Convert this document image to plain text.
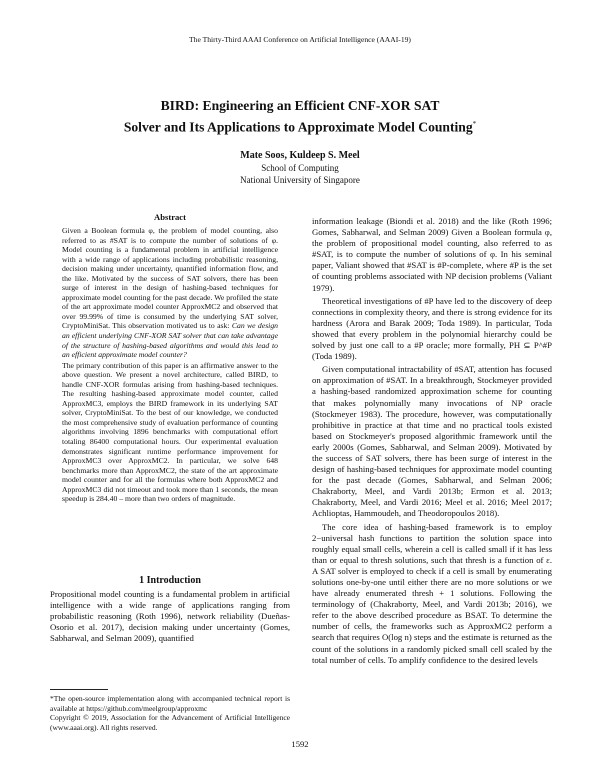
The Thirty-Third AAAI Conference on Artificial Intelligence (AAAI-19)
BIRD: Engineering an Efficient CNF-XOR SAT
Solver and Its Applications to Approximate Model Counting*
Mate Soos, Kuldeep S. Meel
School of Computing
National University of Singapore
Abstract

Given a Boolean formula φ, the problem of model counting, also referred to as #SAT is to compute the number of solutions of φ. Model counting is a fundamental problem in artificial intelligence with a wide range of applications including probabilistic reasoning, decision making under uncertainty, quantified information flow, and the like. Motivated by the success of SAT solvers, there has been surge of interest in the design of hashing-based techniques for approximate model counting for the past decade. We profiled the state of the art approximate model counter ApproxMC2 and observed that over 99.99% of time is consumed by the underlying SAT solver, CryptoMiniSat. This observation motivated us to ask: Can we design an efficient underlying CNF-XOR SAT solver that can take advantage of the structure of hashing-based algorithms and would this lead to an efficient approximate model counter?

The primary contribution of this paper is an affirmative answer to the above question. We present a novel architecture, called BIRD, to handle CNF-XOR formulas arising from hashing-based techniques. The resulting hashing-based approximate model counter, called ApproxMC3, employs the BIRD framework in its underlying SAT solver, CryptoMiniSat. To the best of our knowledge, we conducted the most comprehensive study of evaluation performance of counting algorithms involving 1896 benchmarks with computational effort totaling 86400 computational hours. Our experimental evaluation demonstrates significant runtime performance improvement for ApproxMC3 over ApproxMC2. In particular, we solve 648 benchmarks more than ApproxMC2, the state of the art approximate model counter and for all the formulas where both ApproxMC2 and ApproxMC3 did not timeout and took more than 1 seconds, the mean speedup is 284.40 – more than two orders of magnitude.

1 Introduction

Propositional model counting is a fundamental problem in artificial intelligence with a wide range of applications ranging from probabilistic reasoning (Roth 1996), network reliability (Dueñas-Osorio et al. 2017), decision making under uncertainty (Gomes, Sabharwal, and Selman 2009), quantified

*The open-source implementation along with accompanied technical report is available at https://github.com/meelgroup/approxmc

Copyright © 2019, Association for the Advancement of Artificial Intelligence (www.aaai.org). All rights reserved.

information leakage (Biondi et al. 2018) and the like (Roth 1996; Gomes, Sabharwal, and Selman 2009) Given a Boolean formula φ, the problem of propositional model counting, also referred to as #SAT, is to compute the number of solutions of φ. In his seminal paper, Valiant showed that #SAT is #P-complete, where #P is the set of counting problems associated with NP decision problems (Valiant 1979).

Theoretical investigations of #P have led to the discovery of deep connections in complexity theory, and there is strong evidence for its hardness (Arora and Barak 2009; Toda 1989). In particular, Toda showed that every problem in the polynomial hierarchy could be solved by just one call to a #P oracle; more formally, PH ⊆ P^#P (Toda 1989).

Given computational intractability of #SAT, attention has focused on approximation of #SAT. In a breakthrough, Stockmeyer provided a hashing-based randomized approximation scheme for counting that makes polynomially many invocations of NP oracle (Stockmeyer 1983). The procedure, however, was computationally prohibitive in practice at that time and no practical tools existed based on Stockmeyer's proposed algorithmic framework until the early 2000s (Gomes, Sabharwal, and Selman 2009). Motivated by the success of SAT solvers, there has been surge of interest in the design of hashing-based techniques for approximate model counting for the past decade (Gomes, Sabharwal, and Selman 2006; Chakraborty, Meel, and Vardi 2013b; Ermon et al. 2013; Chakraborty, Meel, and Vardi 2016; Meel et al. 2016; Meel 2017; Achlioptas, Hammoudeh, and Theodoropoulos 2018).

The core idea of hashing-based framework is to employ 2−universal hash functions to partition the solution space into roughly equal small cells, wherein a cell is called small if it has less than or equal to thresh solutions, such that thresh is a function of ε. A SAT solver is employed to check if a cell is small by enumerating solutions one-by-one until either there are no more solutions or we have already enumerated thresh + 1 solutions. Following the terminology of (Chakraborty, Meel, and Vardi 2013b; 2016), we refer to the above described procedure as BSAT. To determine the number of cells, the frameworks such as ApproxMC2 perform a search that requires O(log n) steps and the estimate is returned as the count of the solutions in a randomly picked small cell scaled by the total number of cells. To amplify confidence to the desired levels

1592
